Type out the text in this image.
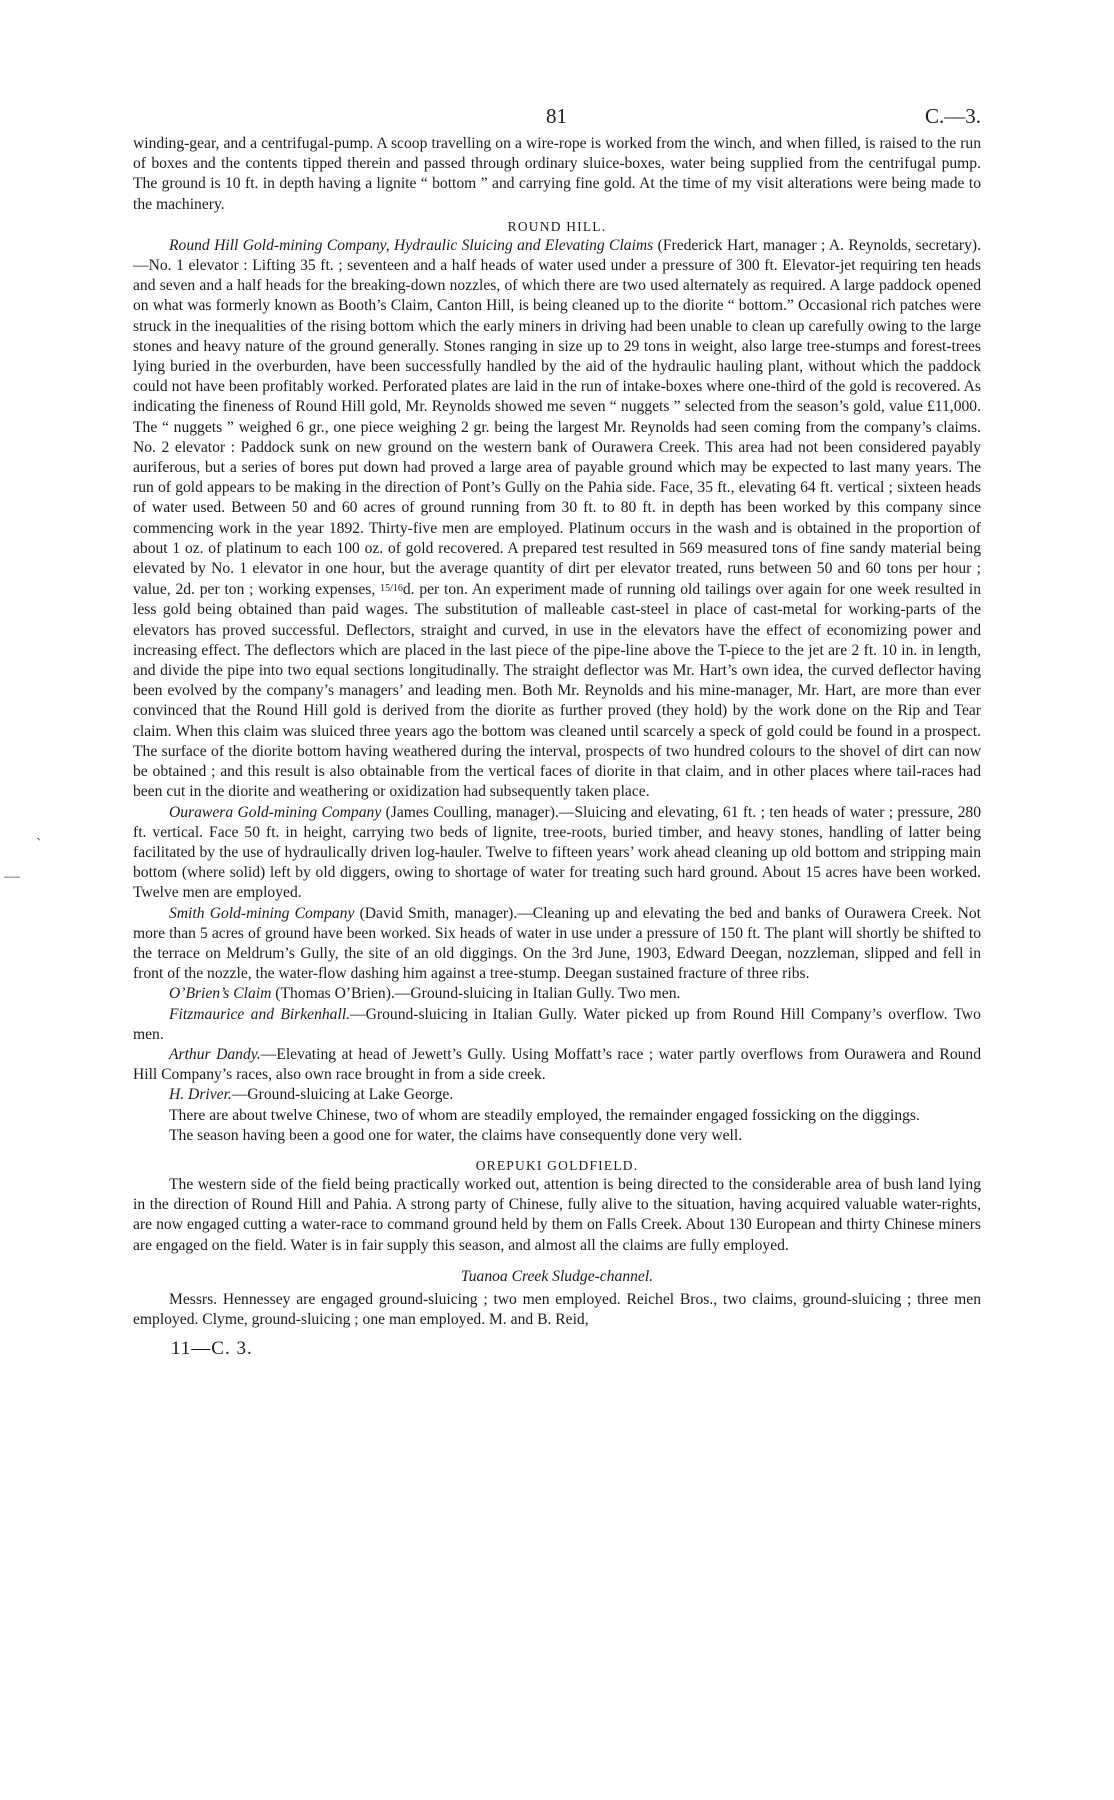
81	C.—3.

winding-gear, and a centrifugal-pump. A scoop travelling on a wire-rope is worked from the winch, and when filled, is raised to the run of boxes and the contents tipped therein and passed through ordinary sluice-boxes, water being supplied from the centrifugal pump. The ground is 10 ft. in depth having a lignite “ bottom ” and carrying fine gold. At the time of my visit alterations were being made to the machinery.

ROUND HILL.

Round Hill Gold-mining Company, Hydraulic Sluicing and Elevating Claims (Frederick Hart, manager ; A. Reynolds, secretary).—No. 1 elevator : Lifting 35 ft. ; seventeen and a half heads of water used under a pressure of 300 ft. Elevator-jet requiring ten heads and seven and a half heads for the breaking-down nozzles, of which there are two used alternately as required. A large paddock opened on what was formerly known as Booth’s Claim, Canton Hill, is being cleaned up to the diorite “ bottom.” Occasional rich patches were struck in the inequalities of the rising bottom which the early miners in driving had been unable to clean up carefully owing to the large stones and heavy nature of the ground generally. Stones ranging in size up to 29 tons in weight, also large tree-stumps and forest-trees lying buried in the overburden, have been successfully handled by the aid of the hydraulic hauling plant, without which the paddock could not have been profitably worked. Perforated plates are laid in the run of intake-boxes where one-third of the gold is recovered. As indicating the fineness of Round Hill gold, Mr. Reynolds showed me seven “ nuggets ” selected from the season’s gold, value £11,000. The “ nuggets ” weighed 6 gr., one piece weighing 2 gr. being the largest Mr. Reynolds had seen coming from the company’s claims. No. 2 elevator : Paddock sunk on new ground on the western bank of Ourawera Creek. This area had not been considered payably auriferous, but a series of bores put down had proved a large area of payable ground which may be expected to last many years. The run of gold appears to be making in the direction of Pont’s Gully on the Pahia side. Face, 35 ft., elevating 64 ft. vertical ; sixteen heads of water used. Between 50 and 60 acres of ground running from 30 ft. to 80 ft. in depth has been worked by this company since commencing work in the year 1892. Thirty-five men are employed. Platinum occurs in the wash and is obtained in the proportion of about 1 oz. of platinum to each 100 oz. of gold recovered. A prepared test resulted in 569 measured tons of fine sandy material being elevated by No. 1 elevator in one hour, but the average quantity of dirt per elevator treated, runs between 50 and 60 tons per hour ; value, 2d. per ton ; working expenses, 15/16d. per ton. An experiment made of running old tailings over again for one week resulted in less gold being obtained than paid wages. The substitution of malleable cast-steel in place of cast-metal for working-parts of the elevators has proved successful. Deflectors, straight and curved, in use in the elevators have the effect of economizing power and increasing effect. The deflectors which are placed in the last piece of the pipe-line above the T-piece to the jet are 2 ft. 10 in. in length, and divide the pipe into two equal sections longitudinally. The straight deflector was Mr. Hart’s own idea, the curved deflector having been evolved by the company’s managers’ and leading men. Both Mr. Reynolds and his mine-manager, Mr. Hart, are more than ever convinced that the Round Hill gold is derived from the diorite as further proved (they hold) by the work done on the Rip and Tear claim. When this claim was sluiced three years ago the bottom was cleaned until scarcely a speck of gold could be found in a prospect. The surface of the diorite bottom having weathered during the interval, prospects of two hundred colours to the shovel of dirt can now be obtained ; and this result is also obtainable from the vertical faces of diorite in that claim, and in other places where tail-races had been cut in the diorite and weathering or oxidization had subsequently taken place.

Ourawera Gold-mining Company (James Coulling, manager).—Sluicing and elevating, 61 ft. ; ten heads of water ; pressure, 280 ft. vertical. Face 50 ft. in height, carrying two beds of lignite, tree-roots, buried timber, and heavy stones, handling of latter being facilitated by the use of hydraulically driven log-hauler. Twelve to fifteen years’ work ahead cleaning up old bottom and stripping main bottom (where solid) left by old diggers, owing to shortage of water for treating such hard ground. About 15 acres have been worked. Twelve men are employed.

Smith Gold-mining Company (David Smith, manager).—Cleaning up and elevating the bed and banks of Ourawera Creek. Not more than 5 acres of ground have been worked. Six heads of water in use under a pressure of 150 ft. The plant will shortly be shifted to the terrace on Meldrum’s Gully, the site of an old diggings. On the 3rd June, 1903, Edward Deegan, nozzleman, slipped and fell in front of the nozzle, the water-flow dashing him against a tree-stump. Deegan sustained fracture of three ribs.

O’Brien’s Claim (Thomas O’Brien).—Ground-sluicing in Italian Gully. Two men.

Fitzmaurice and Birkenhall.—Ground-sluicing in Italian Gully. Water picked up from Round Hill Company’s overflow. Two men.

Arthur Dandy.—Elevating at head of Jewett’s Gully. Using Moffatt’s race ; water partly overflows from Ourawera and Round Hill Company’s races, also own race brought in from a side creek.

H. Driver.—Ground-sluicing at Lake George.

There are about twelve Chinese, two of whom are steadily employed, the remainder engaged fossicking on the diggings.

The season having been a good one for water, the claims have consequently done very well.

OREPUKI GOLDFIELD.

The western side of the field being practically worked out, attention is being directed to the considerable area of bush land lying in the direction of Round Hill and Pahia. A strong party of Chinese, fully alive to the situation, having acquired valuable water-rights, are now engaged cutting a water-race to command ground held by them on Falls Creek. About 130 European and thirty Chinese miners are engaged on the field. Water is in fair supply this season, and almost all the claims are fully employed.

Tuanoa Creek Sludge-channel.

Messrs. Hennessey are engaged ground-sluicing ; two men employed. Reichel Bros., two claims, ground-sluicing ; three men employed. Clyme, ground-sluicing ; one man employed. M. and B. Reid,

11—C. 3.
`
—
